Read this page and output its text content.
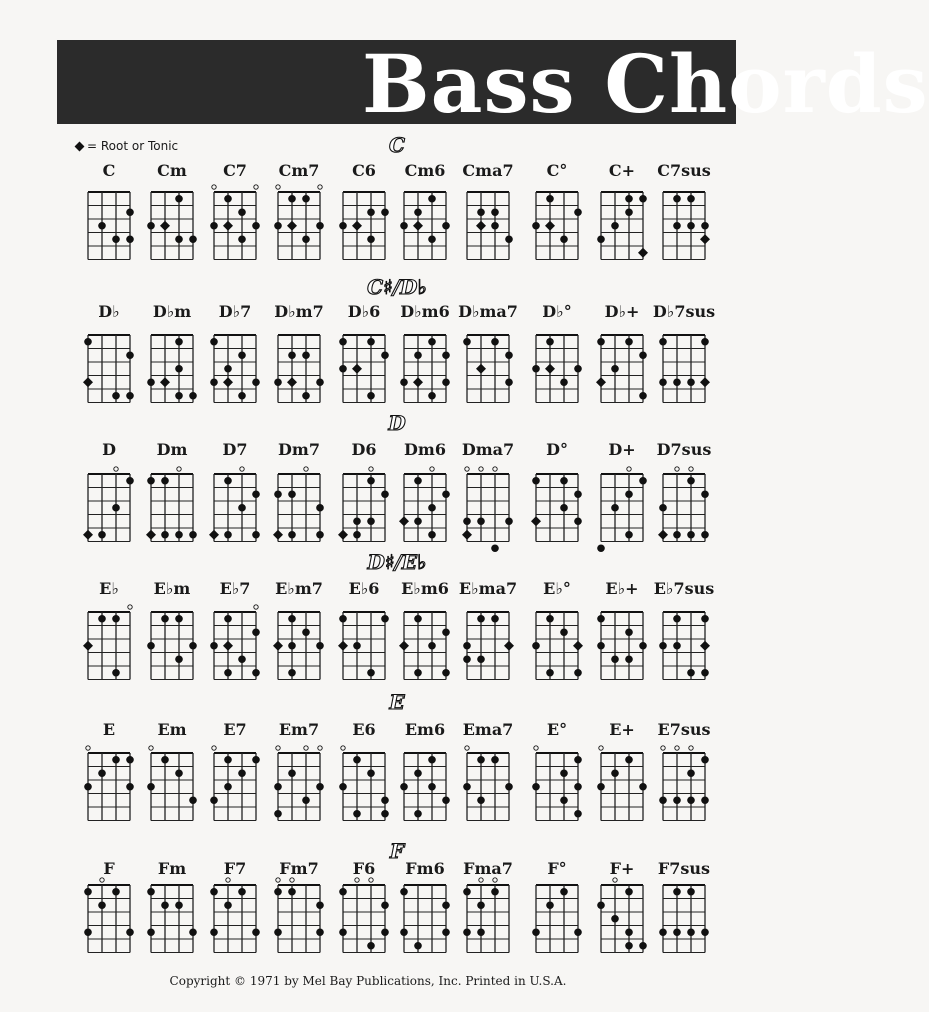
Bass Chords
= Root or Tonic	C
C	Cm	C7	Cm7	C6	Cm6	Cma7	C°	C+	C7sus
C♯/D♭
D♭	D♭m	D♭7	D♭m7	D♭6	D♭m6 D♭ma7	D♭°	D♭+ D♭7sus
D
D	Dm	D7	Dm7	D6	Dm6 Dma7	D°	D+	D7sus
D♯/E♭
E♭	E♭m	E♭7	E♭m7	E♭6	E♭m6 E♭ma7	E♭°	E♭+ E♭7sus
E
E	Em	E7	Em7	E6	Em6	Ema7	E°	E+	E7sus
F
F	Fm	F7	Fm7	F6	Fm6	Fma7	F°	F+	F7sus
Copyright © 1971 by Mel Bay Publications, Inc. Printed in U.S.A.
